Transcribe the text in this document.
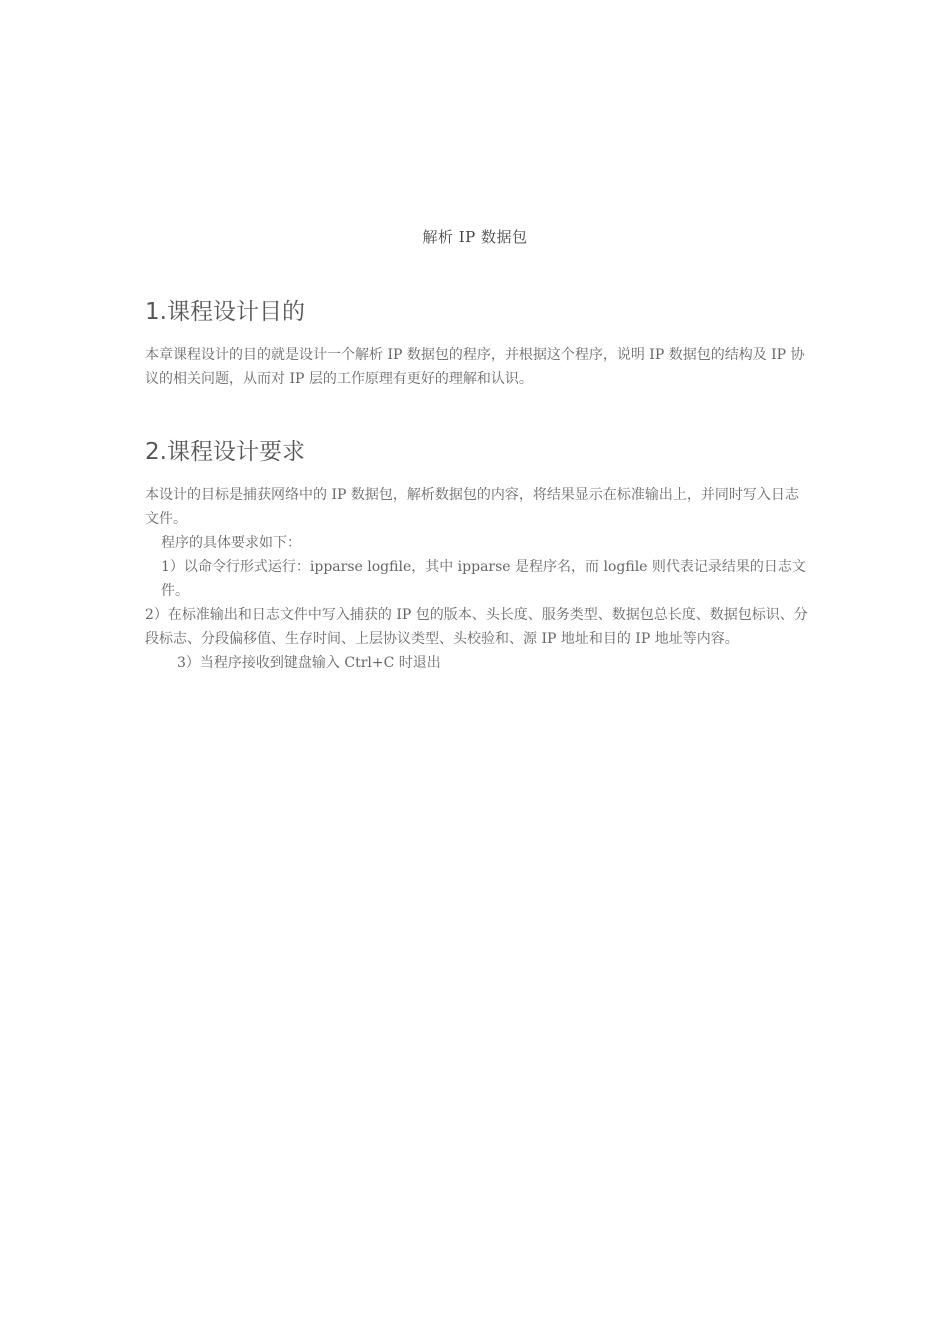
解析 IP 数据包
1.课程设计目的

本章课程设计的目的就是设计一个解析 IP 数据包的程序，并根据这个程序，说明 IP 数据包的结构及 IP 协议的相关问题，从而对 IP 层的工作原理有更好的理解和认识。

2.课程设计要求

本设计的目标是捕获网络中的 IP 数据包，解析数据包的内容，将结果显示在标准输出上，并同时写入日志文件。

程序的具体要求如下：

1）以命令行形式运行：ipparse logfile，其中 ipparse 是程序名，而 logfile 则代表记录结果的日志文件。

2）在标准输出和日志文件中写入捕获的 IP 包的版本、头长度、服务类型、数据包总长度、数据包标识、分段标志、分段偏移值、生存时间、上层协议类型、头校验和、源 IP 地址和目的 IP 地址等内容。

3）当程序接收到键盘输入 Ctrl+C 时退出
